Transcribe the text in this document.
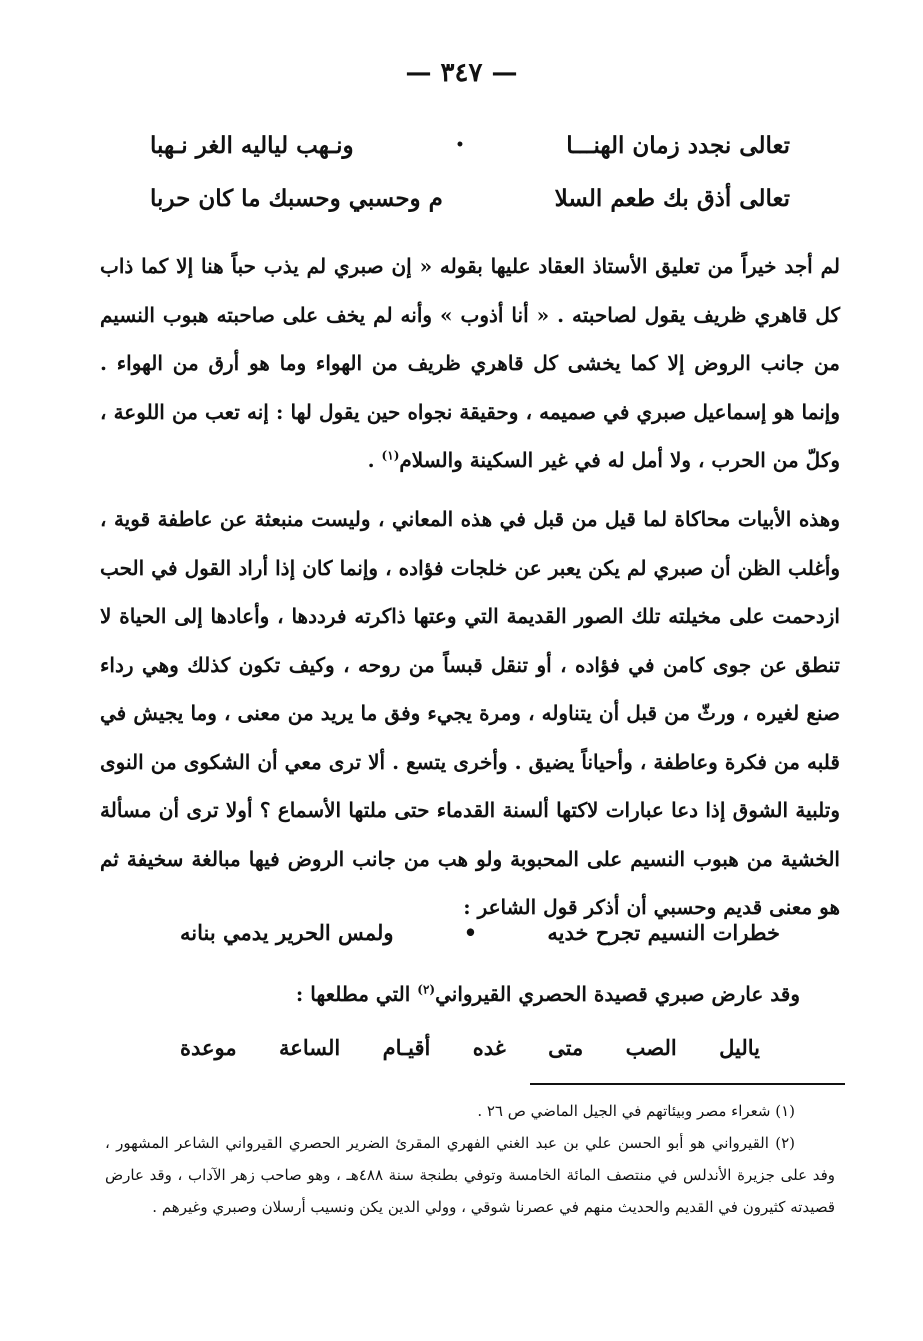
— ٣٤٧ —
تعالى نجدد زمان الهنـــا
•
ونـهب لياليه الغر نـهبا
تعالى أذق بك طعم السلا
م وحسبي وحسبك ما كان حربا
لم أجد خيراً من تعليق الأستاذ العقاد عليها بقوله « إن صبري لم يذب حباً هنا إلا كما ذاب كل قاهري ظريف يقول لصاحبته . « أنا أذوب » وأنه لم يخف على صاحبته هبوب النسيم من جانب الروض إلا كما يخشى كل قاهري ظريف من الهواء وما هو أرق من الهواء . وإنما هو إسماعيل صبري في صميمه ، وحقيقة نجواه حين يقول لها : إنه تعب من اللوعة ، وكلّ من الحرب ، ولا أمل له في غير السكينة والسلام$^{(١)}$ .
وهذه الأبيات محاكاة لما قيل من قبل في هذه المعاني ، وليست منبعثة عن عاطفة قوية ، وأغلب الظن أن صبري لم يكن يعبر عن خلجات فؤاده ، وإنما كان إذا أراد القول في الحب ازدحمت على مخيلته تلك الصور القديمة التي وعتها ذاكرته فرددها ، وأعادها إلى الحياة لا تنطق عن جوى كامن في فؤاده ، أو تنقل قبساً من روحه ، وكيف تكون كذلك وهي رداء صنع لغيره ، ورثّ من قبل أن يتناوله ، ومرة يجيء وفق ما يريد من معنى ، وما يجيش في قلبه من فكرة وعاطفة ، وأحياناً يضيق . وأخرى يتسع . ألا ترى معي أن الشكوى من النوى وتلبية الشوق إذا دعا عبارات لاكتها ألسنة القدماء حتى ملتها الأسماع ؟ أولا ترى أن مسألة الخشية من هبوب النسيم على المحبوبة ولو هب من جانب الروض فيها مبالغة سخيفة ثم هو معنى قديم وحسبي أن أذكر قول الشاعر :
خطرات النسيم تجرح خديه
•
ولمس الحرير يدمي بنانه
وقد عارض صبري قصيدة الحصري القيرواني$^{(٢)}$ التي مطلعها :
ياليل
الصب
متى
غده
أقيـام
الساعة
موعدة

(١) شعراء مصر وبيئاتهم في الجيل الماضي ص ٢٦ .

(٢) القيرواني هو أبو الحسن علي بن عبد الغني الفهري المقرئ الضرير الحصري القيرواني الشاعر المشهور ، وفد على جزيرة الأندلس في منتصف المائة الخامسة وتوفي بطنجة سنة ٤٨٨هـ ، وهو صاحب زهر الآداب ، وقد عارض قصيدته كثيرون في القديم والحديث منهم في عصرنا شوقي ، وولي الدين يكن ونسيب أرسلان وصبري وغيرهم .
